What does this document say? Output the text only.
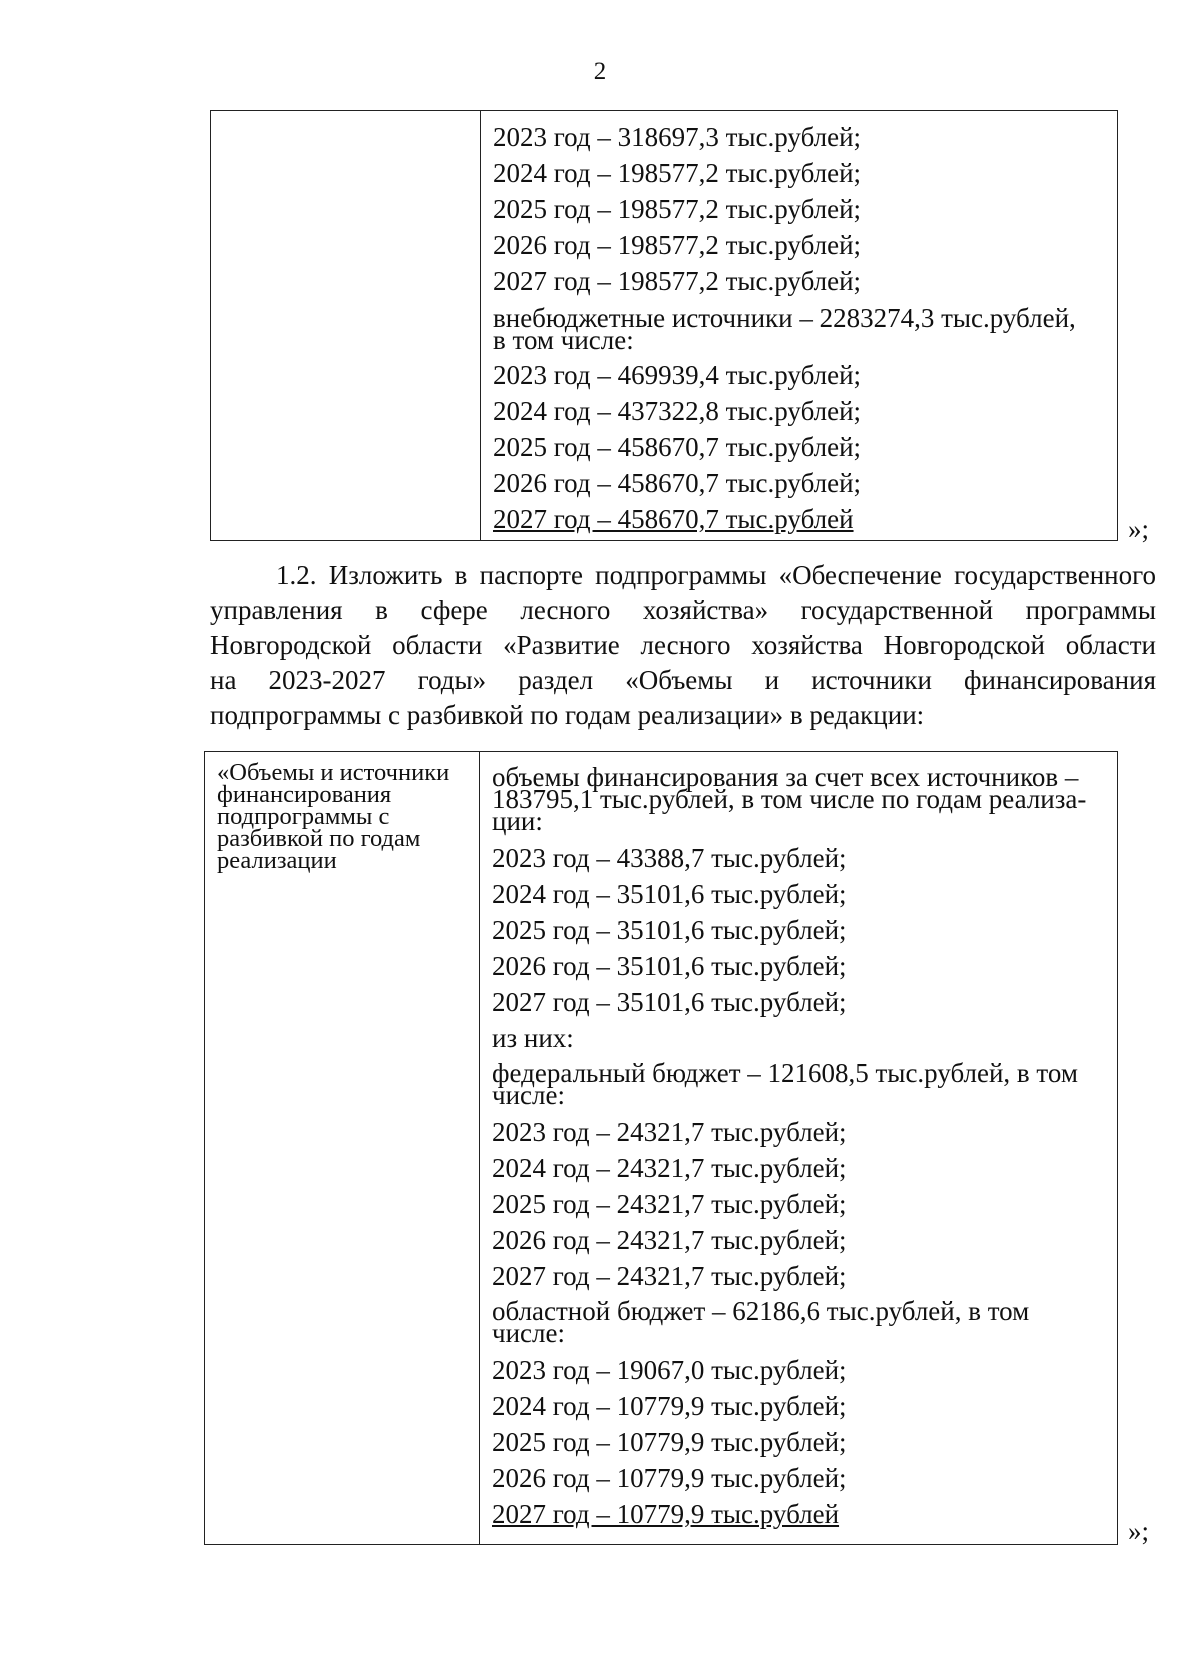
2
2023 год – 318697,3 тыс.рублей;
2024 год – 198577,2 тыс.рублей;
2025 год – 198577,2 тыс.рублей;
2026 год – 198577,2 тыс.рублей;
2027 год – 198577,2 тыс.рублей;
внебюджетные источники – 2283274,3 тыс.рублей,
в том числе:
2023 год – 469939,4 тыс.рублей;
2024 год – 437322,8 тыс.рублей;
2025 год – 458670,7 тыс.рублей;
2026 год – 458670,7 тыс.рублей;
2027 год – 458670,7 тыс.рублей	»;
1.2. Изложить в паспорте подпрограммы «Обеспечение государственного
управления в сфере лесного хозяйства» государственной программы
Новгородской области «Развитие лесного хозяйства Новгородской области
на 2023-2027 годы» раздел «Объемы и источники финансирования
подпрограммы с разбивкой по годам реализации» в редакции:
«Объемы и источники
финансирования
подпрограммы с
разбивкой по годам
реализации
объемы финансирования за счет всех источников –
183795,1 тыс.рублей, в том числе по годам реализа-
ции:
2023 год – 43388,7 тыс.рублей;
2024 год – 35101,6 тыс.рублей;
2025 год – 35101,6 тыс.рублей;
2026 год – 35101,6 тыс.рублей;
2027 год – 35101,6 тыс.рублей;
из них:
федеральный бюджет – 121608,5 тыс.рублей, в том
числе:
2023 год – 24321,7 тыс.рублей;
2024 год – 24321,7 тыс.рублей;
2025 год – 24321,7 тыс.рублей;
2026 год – 24321,7 тыс.рублей;
2027 год – 24321,7 тыс.рублей;
областной бюджет – 62186,6 тыс.рублей, в том
числе:
2023 год – 19067,0 тыс.рублей;
2024 год – 10779,9 тыс.рублей;
2025 год – 10779,9 тыс.рублей;
2026 год – 10779,9 тыс.рублей;
2027 год – 10779,9 тыс.рублей
»;
